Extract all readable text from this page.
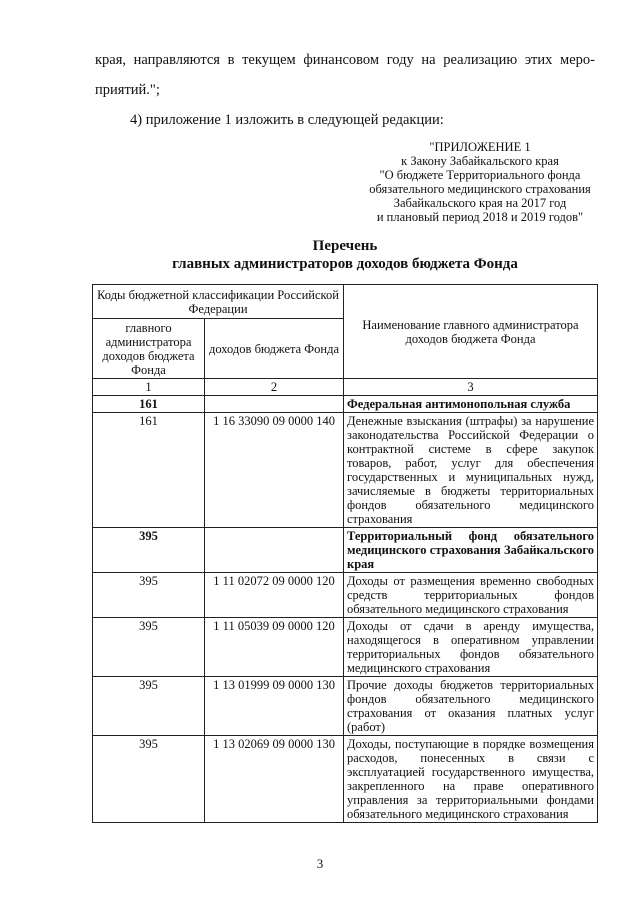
края, направляются в текущем финансовом году на реализацию этих меро-

приятий.";

4) приложение 1 изложить в следующей редакции:

"ПРИЛОЖЕНИЕ 1
к Закону Забайкальского края
"О бюджете Территориального фонда
обязательного медицинского страхования
Забайкальского края на 2017 год
и плановый период 2018 и 2019 годов"
Перечень
главных администраторов доходов бюджета Фонда
Коды бюджетной классификации Российской Федерации		Наименование главного администратора доходов бюджета Фонда
главного администратора доходов бюджета Фонда	доходов бюджета Фонда	
1	2	3
161		Федеральная антимонопольная служба
161	1 16 33090 09 0000 140	Денежные взыскания (штрафы) за нарушение законодательства Российской Федерации о контрактной системе в сфере закупок товаров, работ, услуг для обеспечения государственных и муниципальных нужд, зачисляемые в бюджеты территориальных фондов обязательного медицинского страхования
395		Территориальный фонд обязательного медицинского страхования Забайкальского края
395	1 11 02072 09 0000 120	Доходы от размещения временно свободных средств территориальных фондов обязательного медицинского страхования
395	1 11 05039 09 0000 120	Доходы от сдачи в аренду имущества, находящегося в оперативном управлении территориальных фондов обязательного медицинского страхования
395	1 13 01999 09 0000 130	Прочие доходы бюджетов территориальных фондов обязательного медицинского страхования от оказания платных услуг (работ)
395	1 13 02069 09 0000 130	Доходы, поступающие в порядке возмещения расходов, понесенных в связи с эксплуатацией государственного имущества, закрепленного на праве оперативного управления за территориальными фондами обязательного медицинского страхования
3
